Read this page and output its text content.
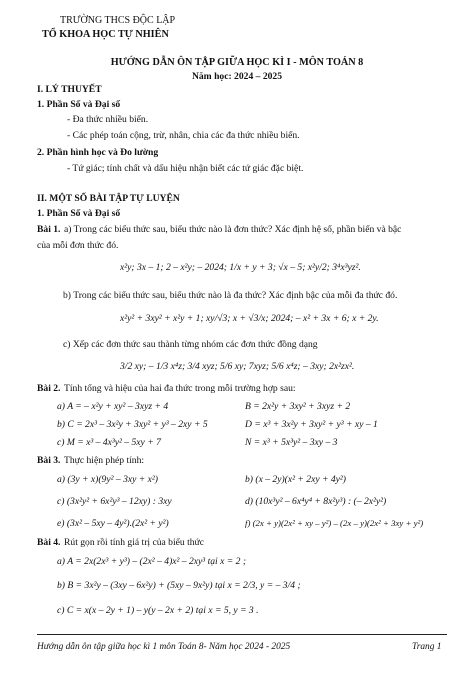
TRƯỜNG THCS ĐỘC LẬP
TỔ KHOA HỌC TỰ NHIÊN
HƯỚNG DẪN ÔN TẬP GIỮA HỌC KÌ I - MÔN TOÁN 8
Năm học: 2024 – 2025
I. LÝ THUYẾT
1. Phần Số và Đại số
- Đa thức nhiều biến.
- Các phép toán cộng, trừ, nhân, chia các đa thức nhiều biến.
2. Phần hình học và Đo lường
- Tứ giác; tính chất và dấu hiệu nhận biết các tứ giác đặc biệt.
II. MỘT SỐ BÀI TẬP TỰ LUYỆN
1. Phần Số và Đại số
Bài 1. a) Trong các biểu thức sau, biểu thức nào là đơn thức? Xác định hệ số, phần biến và bậc
của mỗi đơn thức đó.
x²y; 3x – 1; 2 – x²y; – 2024; 1/x + y + 3; √x – 5; x²y/2; 3⁴x³yz².
b) Trong các biểu thức sau, biểu thức nào là đa thức? Xác định bậc của mỗi đa thức đó.
x²y² + 3xy² + x²y + 1; xy/√3; x + √3/x; 2024; – x² + 3x + 6; x + 2y.
c) Xếp các đơn thức sau thành từng nhóm các đơn thức đồng dạng
3/2 xy; – 1/3 x⁴z; 3/4 xyz; 5/6 xy; 7xyz; 5/6 x⁴z; – 3xy; 2x²zx².
Bài 2. Tính tổng và hiệu của hai đa thức trong mỗi trường hợp sau:
a) A = – x²y + xy² – 3xyz + 4	B = 2x²y + 3xy² + 3xyz + 2
b) C = 2x³ – 3x²y + 3xy² + y³ – 2xy + 5	D = x³ + 3x²y + 3xy² + y³ + xy – 1
c) M = x³ – 4x³y² – 5xy + 7	N = x³ + 5x³y² – 3xy – 3
Bài 3. Thực hiện phép tính:
a) (3y + x)(9y² – 3xy + x²)	b) (x – 2y)(x² + 2xy + 4y²)
c) (3x²y² + 6x²y³ – 12xy) : 3xy	d) (10x³y² – 6x⁴y⁴ + 8x²y³) : (– 2x²y²)
e) (3x² – 5xy – 4y²).(2x² + y²)	f) (2x + y)(2x² + xy – y²) – (2x – y)(2x² + 3xy + y²)
Bài 4. Rút gọn rồi tính giá trị của biểu thức
a) A = 2x(2x³ + y³) – (2x² – 4)x² – 2xy³ tại x = 2 ;
b) B = 3x²y – (3xy – 6x²y) + (5xy – 9x²y) tại x = 2/3, y = – 3/4 ;
c) C = x(x – 2y + 1) – y(y – 2x + 2) tại x = 5, y = 3 .
Hướng dẫn ôn tập giữa học kì 1 môn Toán 8- Năm học 2024 - 2025	Trang 1
